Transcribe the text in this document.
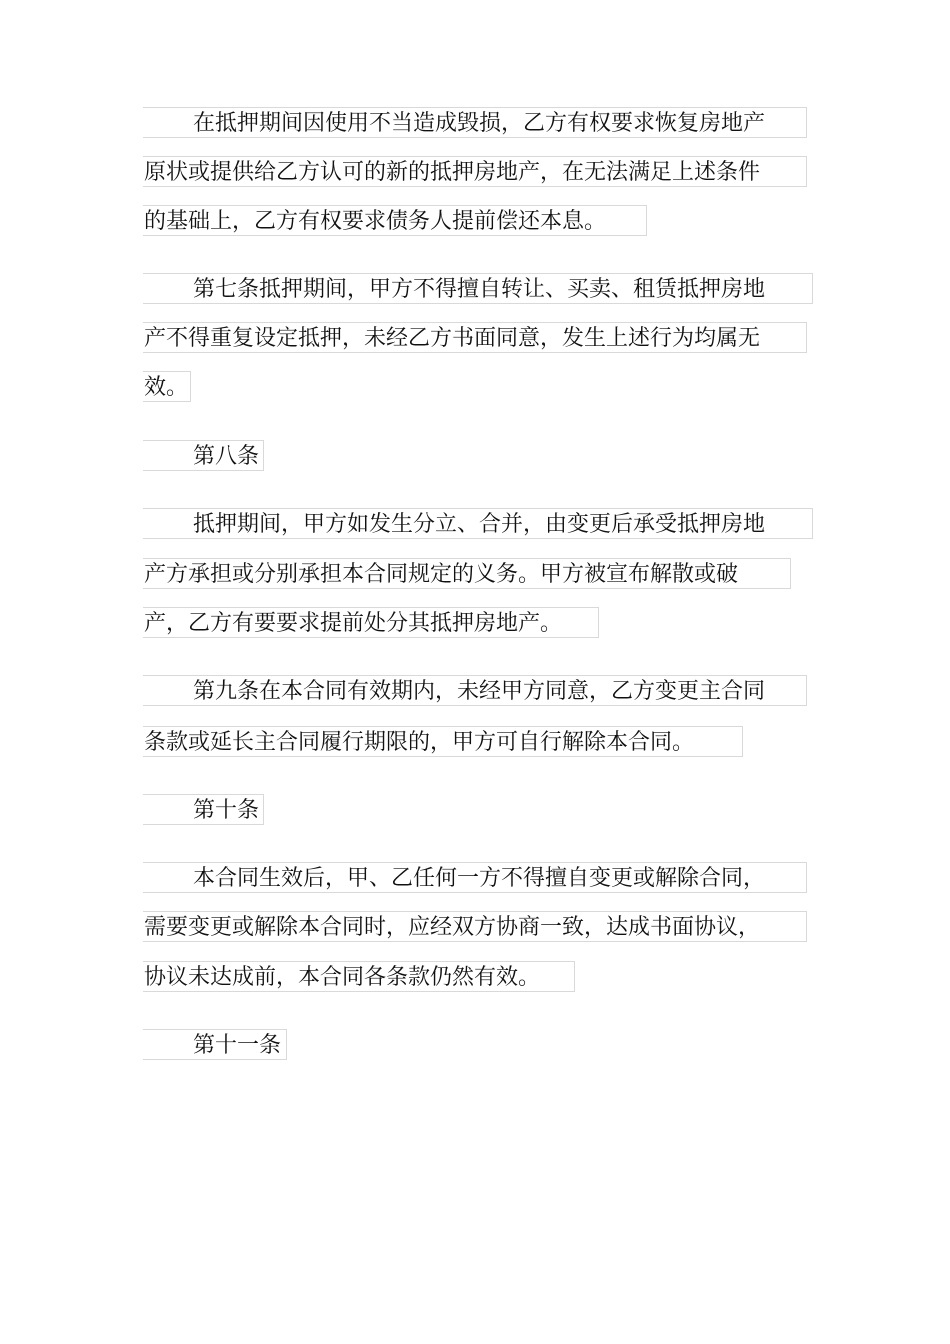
在抵押期间因使用不当造成毁损，乙方有权要求恢复房地产
原状或提供给乙方认可的新的抵押房地产，在无法满足上述条件
的基础上，乙方有权要求债务人提前偿还本息。
第七条抵押期间，甲方不得擅自转让、买卖、租赁抵押房地
产不得重复设定抵押，未经乙方书面同意，发生上述行为均属无
效。
第八条
抵押期间，甲方如发生分立、合并，由变更后承受抵押房地
产方承担或分别承担本合同规定的义务。甲方被宣布解散或破
产，乙方有要要求提前处分其抵押房地产。
第九条在本合同有效期内，未经甲方同意，乙方变更主合同
条款或延长主合同履行期限的，甲方可自行解除本合同。
第十条
本合同生效后，甲、乙任何一方不得擅自变更或解除合同，
需要变更或解除本合同时，应经双方协商一致，达成书面协议，
协议未达成前，本合同各条款仍然有效。
第十一条
